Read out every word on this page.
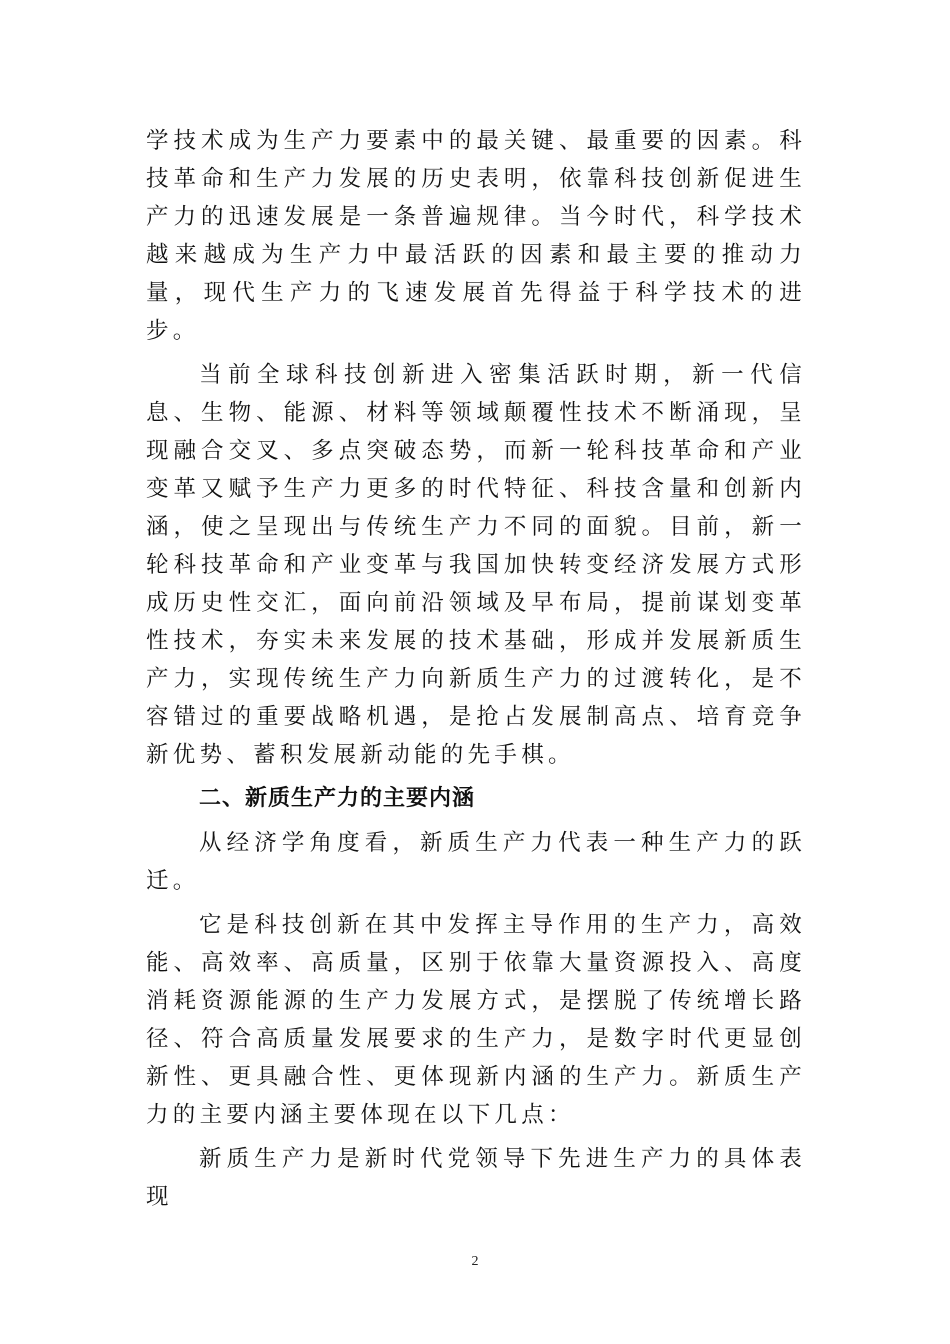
学技术成为生产力要素中的最关键、最重要的因素。科技革命和生产力发展的历史表明，依靠科技创新促进生产力的迅速发展是一条普遍规律。当今时代，科学技术越来越成为生产力中最活跃的因素和最主要的推动力量，现代生产力的飞速发展首先得益于科学技术的进步。

当前全球科技创新进入密集活跃时期，新一代信息、生物、能源、材料等领域颠覆性技术不断涌现，呈现融合交叉、多点突破态势，而新一轮科技革命和产业变革又赋予生产力更多的时代特征、科技含量和创新内涵，使之呈现出与传统生产力不同的面貌。目前，新一轮科技革命和产业变革与我国加快转变经济发展方式形成历史性交汇，面向前沿领域及早布局，提前谋划变革性技术，夯实未来发展的技术基础，形成并发展新质生产力，实现传统生产力向新质生产力的过渡转化，是不容错过的重要战略机遇，是抢占发展制高点、培育竞争新优势、蓄积发展新动能的先手棋。

二、新质生产力的主要内涵

从经济学角度看，新质生产力代表一种生产力的跃迁。

它是科技创新在其中发挥主导作用的生产力，高效能、高效率、高质量，区别于依靠大量资源投入、高度消耗资源能源的生产力发展方式，是摆脱了传统增长路径、符合高质量发展要求的生产力，是数字时代更显创新性、更具融合性、更体现新内涵的生产力。新质生产力的主要内涵主要体现在以下几点：

新质生产力是新时代党领导下先进生产力的具体表现

2
